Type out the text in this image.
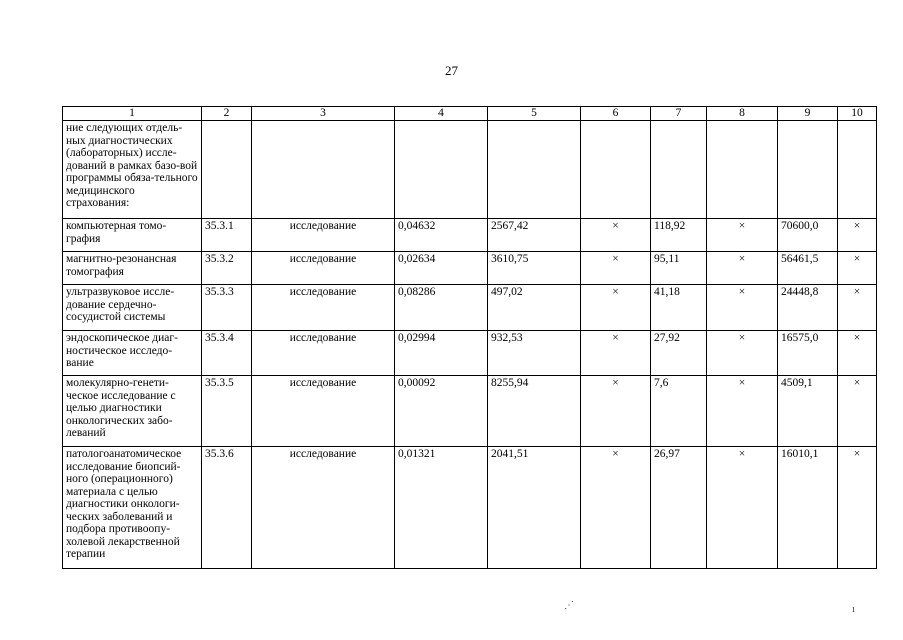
27
1	2	3	4	5	6	7	8	9	10
ние следующих отдель-ных диагностических (лабораторных) иссле-дований в рамках базо-вой программы обяза-тельного медицинского страхования:									
компьютерная томо-графия	35.3.1	исследование	0,04632	2567,42	×	118,92	×	70600,0	×
магнитно-резонансная томография	35.3.2	исследование	0,02634	3610,75	×	95,11	×	56461,5	×
ультразвуковое иссле-дование сердечно-сосудистой системы	35.3.3	исследование	0,08286	497,02	×	41,18	×	24448,8	×
эндоскопическое диаг-ностическое исследо-вание	35.3.4	исследование	0,02994	932,53	×	27,92	×	16575,0	×
молекулярно-генети-ческое исследование с целью диагностики онкологических забо-леваний	35.3.5	исследование	0,00092	8255,94	×	7,6	×	4509,1	×
патологоанатомическое исследование биопсий-ного (операционного) материала с целью диагностики онкологи-ческих заболеваний и подбора противоопу-холевой лекарственной терапии	35.3.6	исследование	0,01321	2041,51	×	26,97	×	16010,1	×
⋰	ı
